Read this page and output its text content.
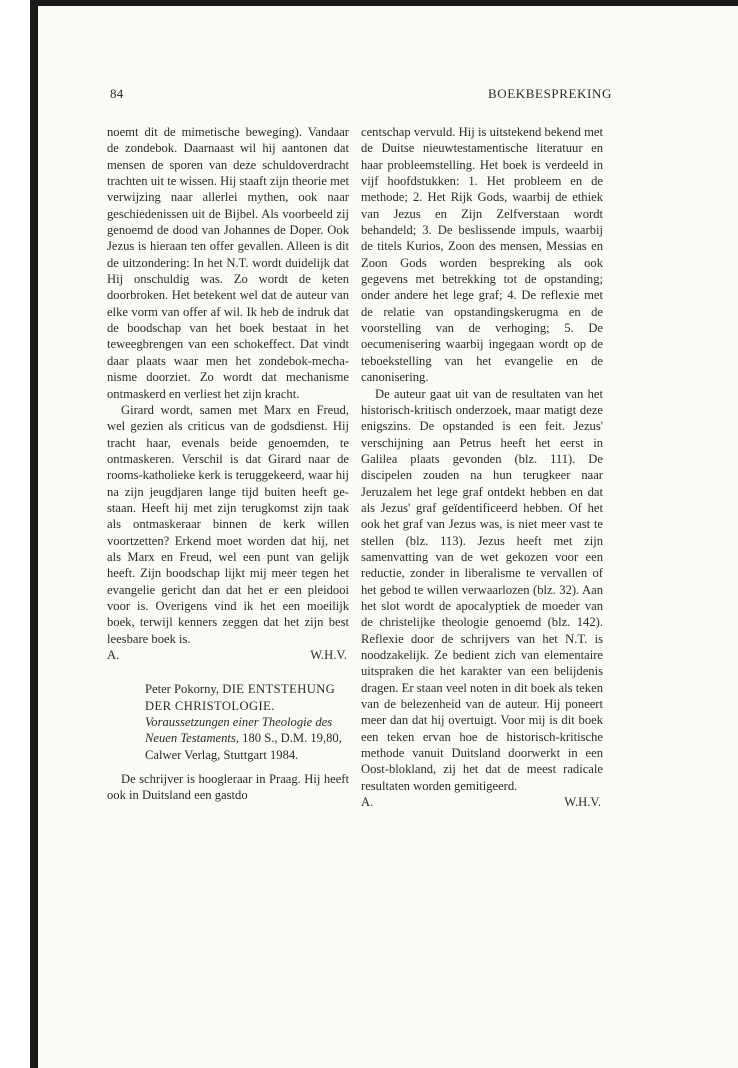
84	BOEKBESPREKING

noemt dit de mimetische beweging). Vandaar de zondebok. Daarnaast wil hij aantonen dat mensen de sporen van deze schuldoverdracht trachten uit te wissen. Hij staaft zijn theorie met verwijzing naar allerlei mythen, ook naar geschiedenissen uit de Bijbel. Als voorbeeld zij genoemd de dood van Johannes de Doper. Ook Jezus is hieraan ten offer gevallen. Alleen is dit de uitzondering: In het N.T. wordt duidelijk dat Hij onschuldig was. Zo wordt de keten doorbroken. Het betekent wel dat de auteur van elke vorm van offer af wil. Ik heb de indruk dat de boodschap van het boek bestaat in het teweegbrengen van een schokeffect. Dat vindt daar plaats waar men het zondebok-mechanisme doorziet. Zo wordt dat mechanisme ontmaskerd en verliest het zijn kracht.

Girard wordt, samen met Marx en Freud, wel gezien als criticus van de godsdienst. Hij tracht haar, evenals beide genoemden, te ontmaskeren. Verschil is dat Girard naar de rooms-katholieke kerk is teruggekeerd, waar hij na zijn jeugdjaren lange tijd buiten heeft gestaan. Heeft hij met zijn terugkomst zijn taak als ontmaskeraar binnen de kerk willen voortzetten? Erkend moet worden dat hij, net als Marx en Freud, wel een punt van gelijk heeft. Zijn boodschap lijkt mij meer tegen het evangelie gericht dan dat het er een pleidooi voor is. Overigens vind ik het een moeilijk boek, terwijl kenners zeggen dat het zijn best leesbare boek is.

A.	W.H.V.
Peter Pokorny, DIE ENTSTEHUNG DER CHRISTOLOGIE. Voraussetzungen einer Theologie des Neuen Testaments, 180 S., D.M. 19,80, Calwer Verlag, Stuttgart 1984.

De schrijver is hoogleraar in Praag. Hij heeft ook in Duitsland een gastdo

centschap vervuld. Hij is uitstekend bekend met de Duitse nieuwtestamentische literatuur en haar probleemstelling. Het boek is verdeeld in vijf hoofdstukken: 1. Het probleem en de methode; 2. Het Rijk Gods, waarbij de ethiek van Jezus en Zijn Zelfverstaan wordt behandeld; 3. De beslissende impuls, waarbij de titels Kurios, Zoon des mensen, Messias en Zoon Gods worden bespreking als ook gegevens met betrekking tot de opstanding; onder andere het lege graf; 4. De reflexie met de relatie van opstandingskerugma en de voorstelling van de verhoging; 5. De oecumenisering waarbij ingegaan wordt op de teboekstelling van het evangelie en de canonisering.

De auteur gaat uit van de resultaten van het historisch-kritisch onderzoek, maar matigt deze enigszins. De opstanded is een feit. Jezus' verschijning aan Petrus heeft het eerst in Galilea plaats gevonden (blz. 111). De discipelen zouden na hun terugkeer naar Jeruzalem het lege graf ontdekt hebben en dat als Jezus' graf geïdentificeerd hebben. Of het ook het graf van Jezus was, is niet meer vast te stellen (blz. 113). Jezus heeft met zijn samenvatting van de wet gekozen voor een reductie, zonder in liberalisme te vervallen of het gebod te willen verwaarlozen (blz. 32). Aan het slot wordt de apocalyptiek de moeder van de christelijke theologie genoemd (blz. 142). Reflexie door de schrijvers van het N.T. is noodzakelijk. Ze bedient zich van elementaire uitspraken die het karakter van een belijdenis dragen. Er staan veel noten in dit boek als teken van de belezenheid van de auteur. Hij poneert meer dan dat hij overtuigt. Voor mij is dit boek een teken ervan hoe de historisch-kritische methode vanuit Duitsland doorwerkt in een Oost-blokland, zij het dat de meest radicale resultaten worden gemitigeerd.

A.	W.H.V.
